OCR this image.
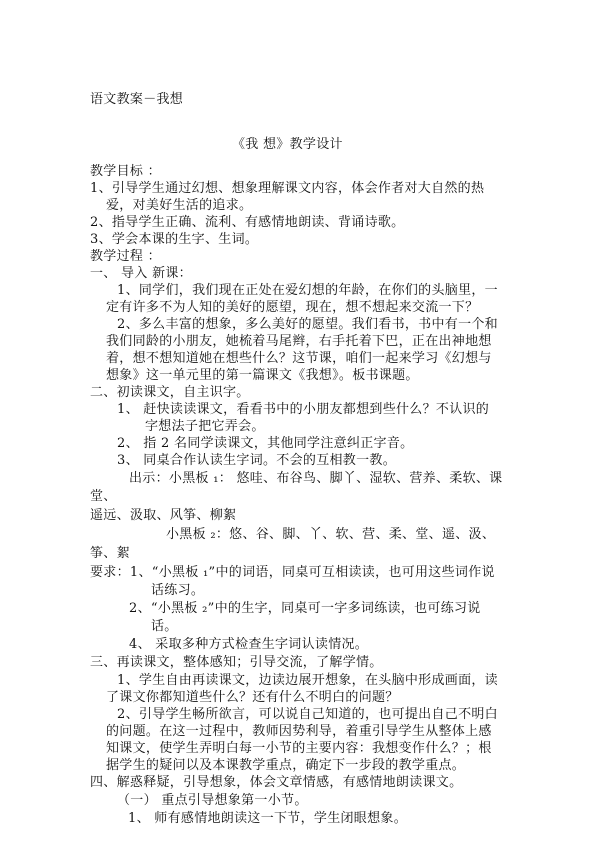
语文教案－我想
《我 想》教学设计
教学目标 ：
1、引导学生通过幻想、想象理解课文内容，体会作者对大自然的热
爱，对美好生活的追求。
2、指导学生正确、流利、有感情地朗读、背诵诗歌。
3、学会本课的生字、生词。
教学过程 ：
一、 导入 新课：
1、同学们，我们现在正处在爱幻想的年龄，在你们的头脑里，一
定有许多不为人知的美好的愿望，现在，想不想起来交流一下？
2、多么丰富的想象，多么美好的愿望。我们看书，书中有一个和
我们同龄的小朋友，她梳着马尾辫，右手托着下巴，正在出神地想
着，想不想知道她在想些什么？这节课，咱们一起来学习《幻想与
想象》这一单元里的第一篇课文《我想》。板书课题。
二、初读课文，自主识字。
1、 赶快读读课文，看看书中的小朋友都想到些什么？不认识的
字想法子把它弄会。
2、 指 2 名同学读课文，其他同学注意纠正字音。
3、 同桌合作认读生字词。不会的互相教一教。
出示：小黑板 ₁： 悠哇、布谷鸟、脚丫、湿软、营养、柔软、课
堂、
遥远、汲取、风筝、柳絮
小黑板 ₂：悠、谷、脚、丫、软、营、柔、堂、遥、汲、
筝、絮
要求：1、“小黑板 ₁”中的词语，同桌可互相读读，也可用这些词作说
话练习。
2、“小黑板 ₂”中的生字，同桌可一字多词练读，也可练习说
话。
4、 采取多种方式检查生字词认读情况。
三、再读课文，整体感知；引导交流，了解学情。
1、学生自由再读课文，边读边展开想象，在头脑中形成画面，读
了课文你都知道些什么？还有什么不明白的问题？
2、引导学生畅所欲言，可以说自己知道的，也可提出自己不明白
的问题。在这一过程中，教师因势利导，着重引导学生从整体上感
知课文，使学生弄明白每一小节的主要内容：我想变作什么？；根
据学生的疑问以及本课教学重点，确定下一步段的教学重点。
四、解惑释疑，引导想象，体会文章情感，有感情地朗读课文。
（一） 重点引导想象第一小节。
1、 师有感情地朗读这一下节，学生闭眼想象。
